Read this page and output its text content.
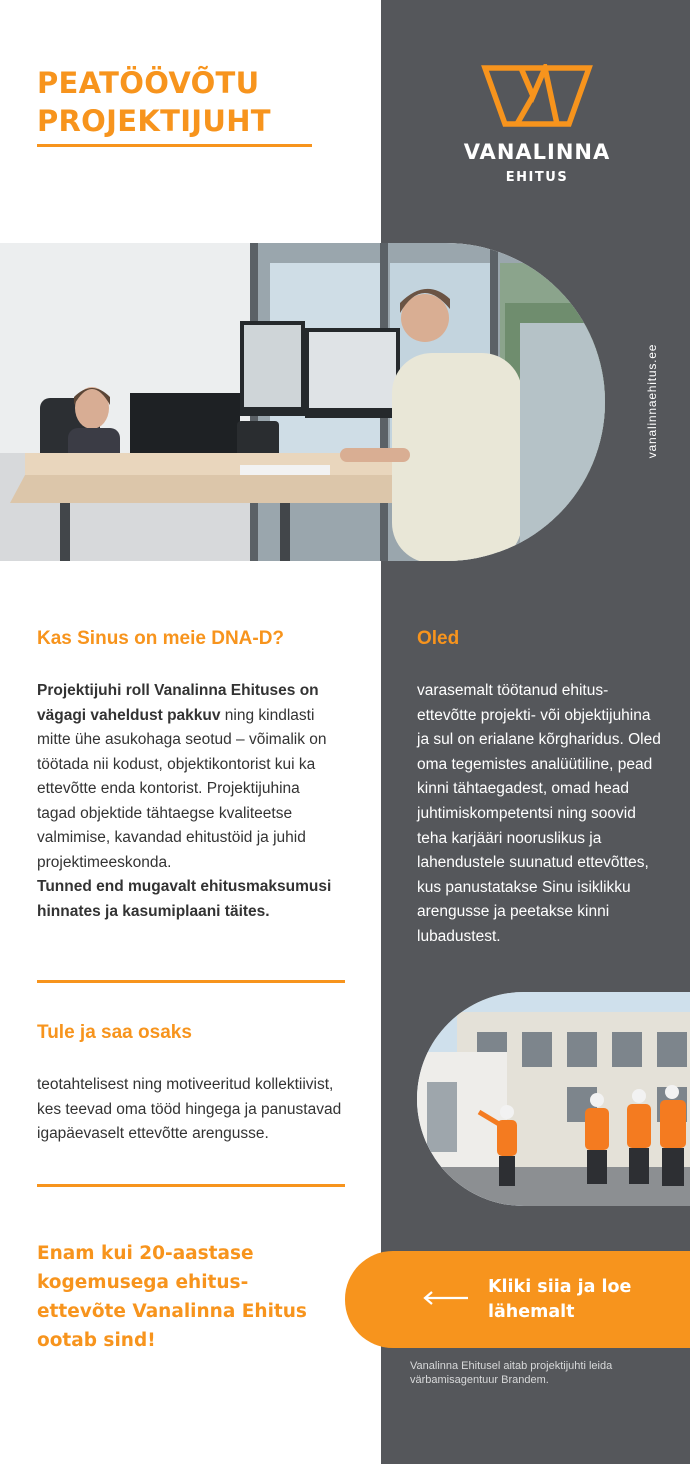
PEATÖÖVÕTU
PROJEKTIJUHT
VANALINNA
EHITUS
vanalinnaehitus.ee
Kas Sinus on meie DNA-D?
Projektijuhi roll Vanalinna Ehituses on vägagi vaheldust pakkuv ning kindlasti mitte ühe asukohaga seotud – võimalik on töötada nii kodust, objektikontorist kui ka ettevõtte enda kontorist. Projektijuhina tagad objektide tähtaegse kvaliteetse valmimise, kavandad ehitustöid ja juhid projektimeeskonda.
Tunned end mugavalt ehitusmaksumusi hinnates ja kasumiplaani täites.
Tule ja saa osaks
teotahtelisest ning motiveeritud kollektiivist, kes teevad oma tööd hingega ja panustavad igapäevaselt ettevõtte arengusse.
Enam kui 20-aastase kogemusega ehitus-ettevõte Vanalinna Ehitus ootab sind!
Oled
varasemalt töötanud ehitus-ettevõtte projekti- või objektijuhina ja sul on erialane kõrgharidus. Oled oma tegemistes analüütiline, pead kinni tähtaegadest, omad head juhtimiskompetentsi ning soovid teha karjääri nooruslikus ja lahendustele suunatud ettevõttes, kus panustatakse Sinu isiklikku arengusse ja peetakse kinni lubadustest.
Kliki siia ja loe lähemalt
Vanalinna Ehitusel aitab projektijuhti leida värbamisagentuur Brandem.
